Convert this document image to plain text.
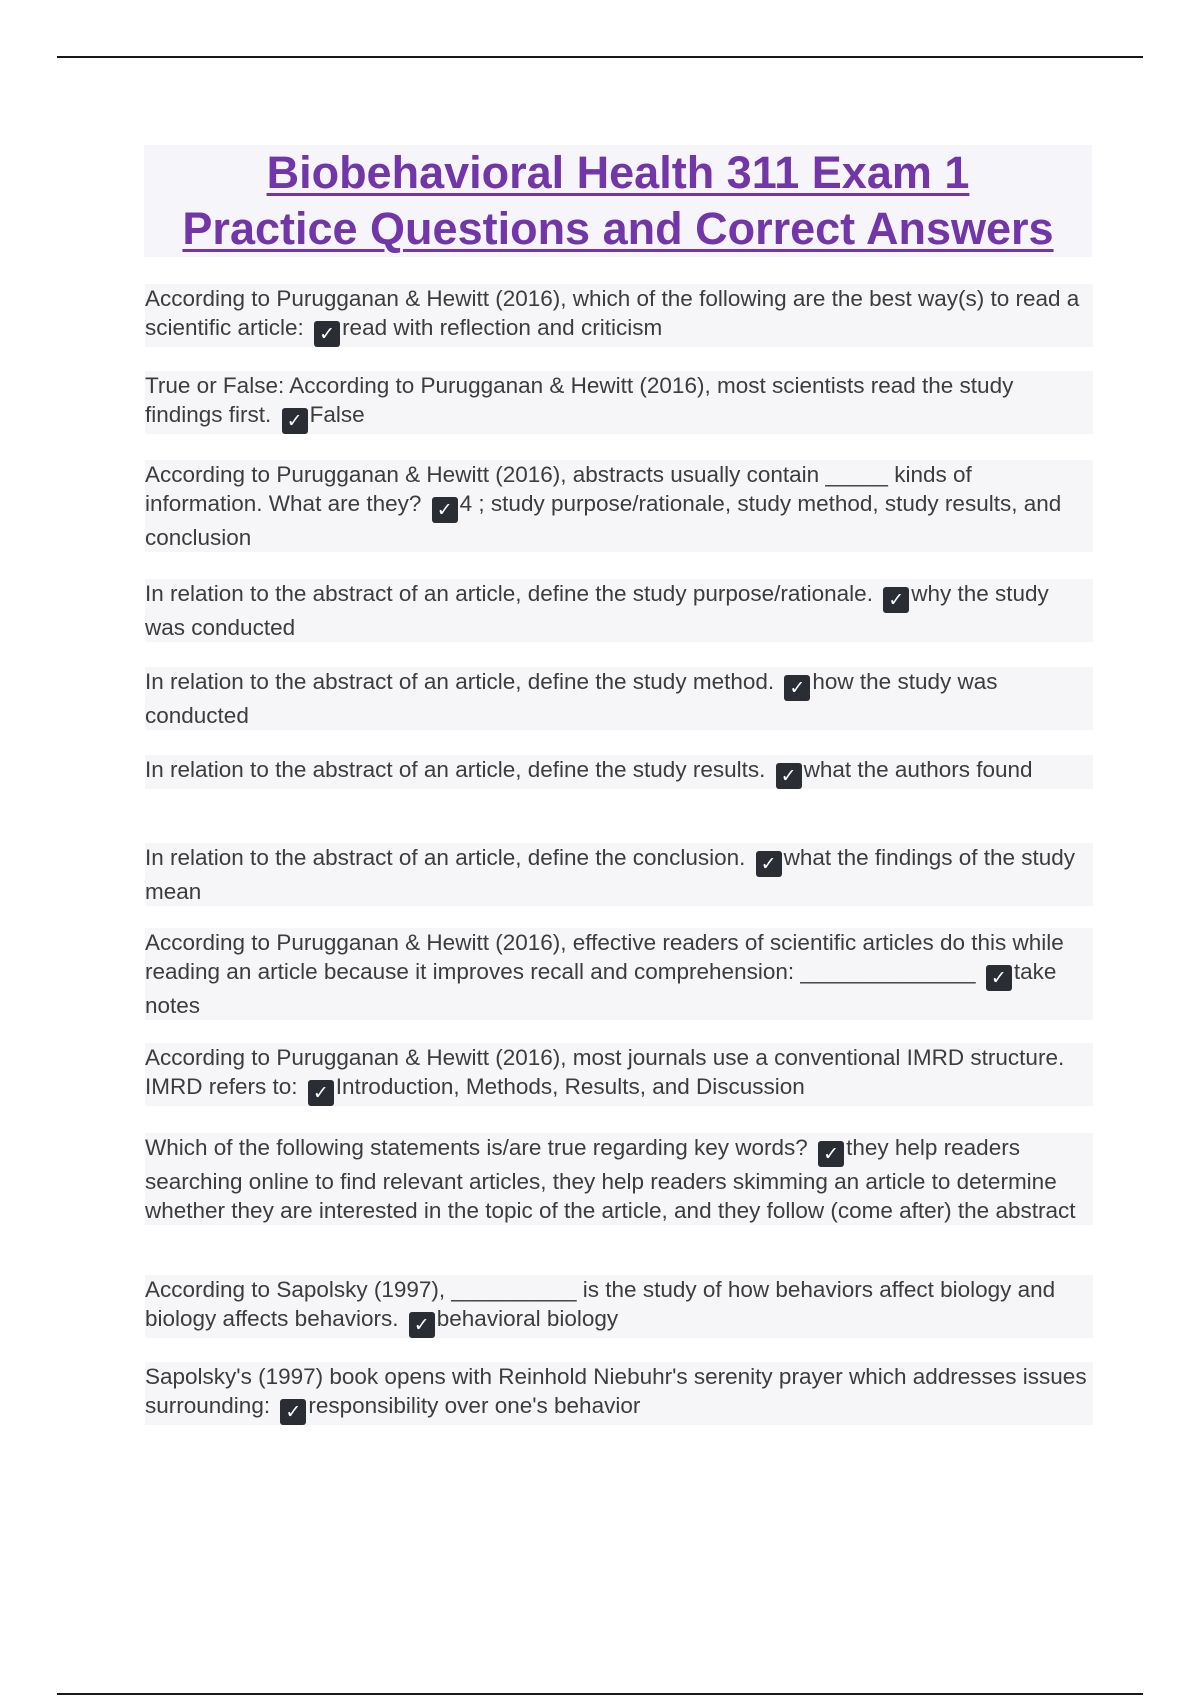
Biobehavioral Health 311 Exam 1
Practice Questions and Correct Answers

According to Purugganan & Hewitt (2016), which of the following are the best way(s) to read a scientific article: ✓ read with reflection and criticism

True or False: According to Purugganan & Hewitt (2016), most scientists read the study findings first. ✓ False

According to Purugganan & Hewitt (2016), abstracts usually contain _____ kinds of information. What are they? ✓ 4 ; study purpose/rationale, study method, study results, and conclusion

In relation to the abstract of an article, define the study purpose/rationale. ✓ why the study was conducted

In relation to the abstract of an article, define the study method. ✓ how the study was conducted

In relation to the abstract of an article, define the study results. ✓ what the authors found

In relation to the abstract of an article, define the conclusion. ✓ what the findings of the study mean

According to Purugganan & Hewitt (2016), effective readers of scientific articles do this while reading an article because it improves recall and comprehension: ______________ ✓ take notes

According to Purugganan & Hewitt (2016), most journals use a conventional IMRD structure. IMRD refers to: ✓ Introduction, Methods, Results, and Discussion

Which of the following statements is/are true regarding key words? ✓ they help readers searching online to find relevant articles, they help readers skimming an article to determine whether they are interested in the topic of the article, and they follow (come after) the abstract

According to Sapolsky (1997), __________ is the study of how behaviors affect biology and biology affects behaviors. ✓ behavioral biology

Sapolsky's (1997) book opens with Reinhold Niebuhr's serenity prayer which addresses issues surrounding: ✓ responsibility over one's behavior
